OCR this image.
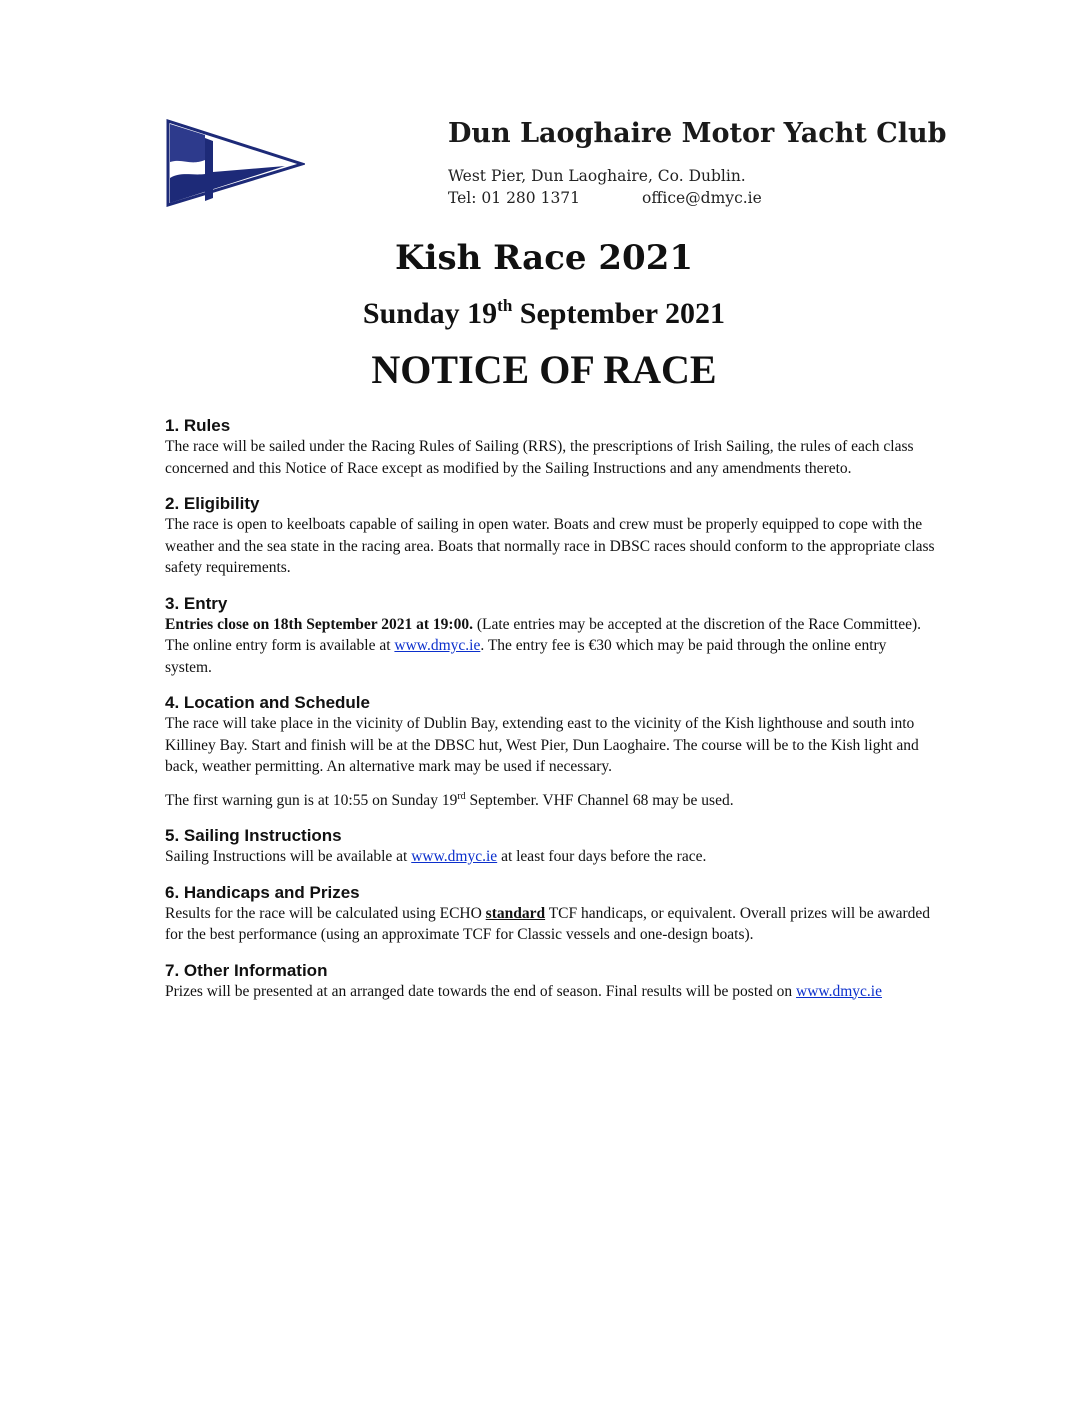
Dun Laoghaire Motor Yacht Club

West Pier, Dun Laoghaire, Co. Dublin.

Tel: 01 280 1371	office@dmyc.ie

Kish Race 2021
Sunday 19th September 2021
NOTICE OF RACE
1. Rules

The race will be sailed under the Racing Rules of Sailing (RRS), the prescriptions of Irish Sailing, the rules of each class concerned and this Notice of Race except as modified by the Sailing Instructions and any amendments thereto.

2. Eligibility

The race is open to keelboats capable of sailing in open water. Boats and crew must be properly equipped to cope with the weather and the sea state in the racing area. Boats that normally race in DBSC races should conform to the appropriate class safety requirements.

3. Entry

Entries close on 18th September 2021 at 19:00. (Late entries may be accepted at the discretion of the Race Committee). The online entry form is available at www.dmyc.ie. The entry fee is €30 which may be paid through the online entry system.

4. Location and Schedule

The race will take place in the vicinity of Dublin Bay, extending east to the vicinity of the Kish lighthouse and south into Killiney Bay. Start and finish will be at the DBSC hut, West Pier, Dun Laoghaire. The course will be to the Kish light and back, weather permitting. An alternative mark may be used if necessary.

The first warning gun is at 10:55 on Sunday 19rd September. VHF Channel 68 may be used.

5. Sailing Instructions

Sailing Instructions will be available at www.dmyc.ie at least four days before the race.

6. Handicaps and Prizes

Results for the race will be calculated using ECHO standard TCF handicaps, or equivalent. Overall prizes will be awarded for the best performance (using an approximate TCF for Classic vessels and one-design boats).

7. Other Information

Prizes will be presented at an arranged date towards the end of season. Final results will be posted on www.dmyc.ie
